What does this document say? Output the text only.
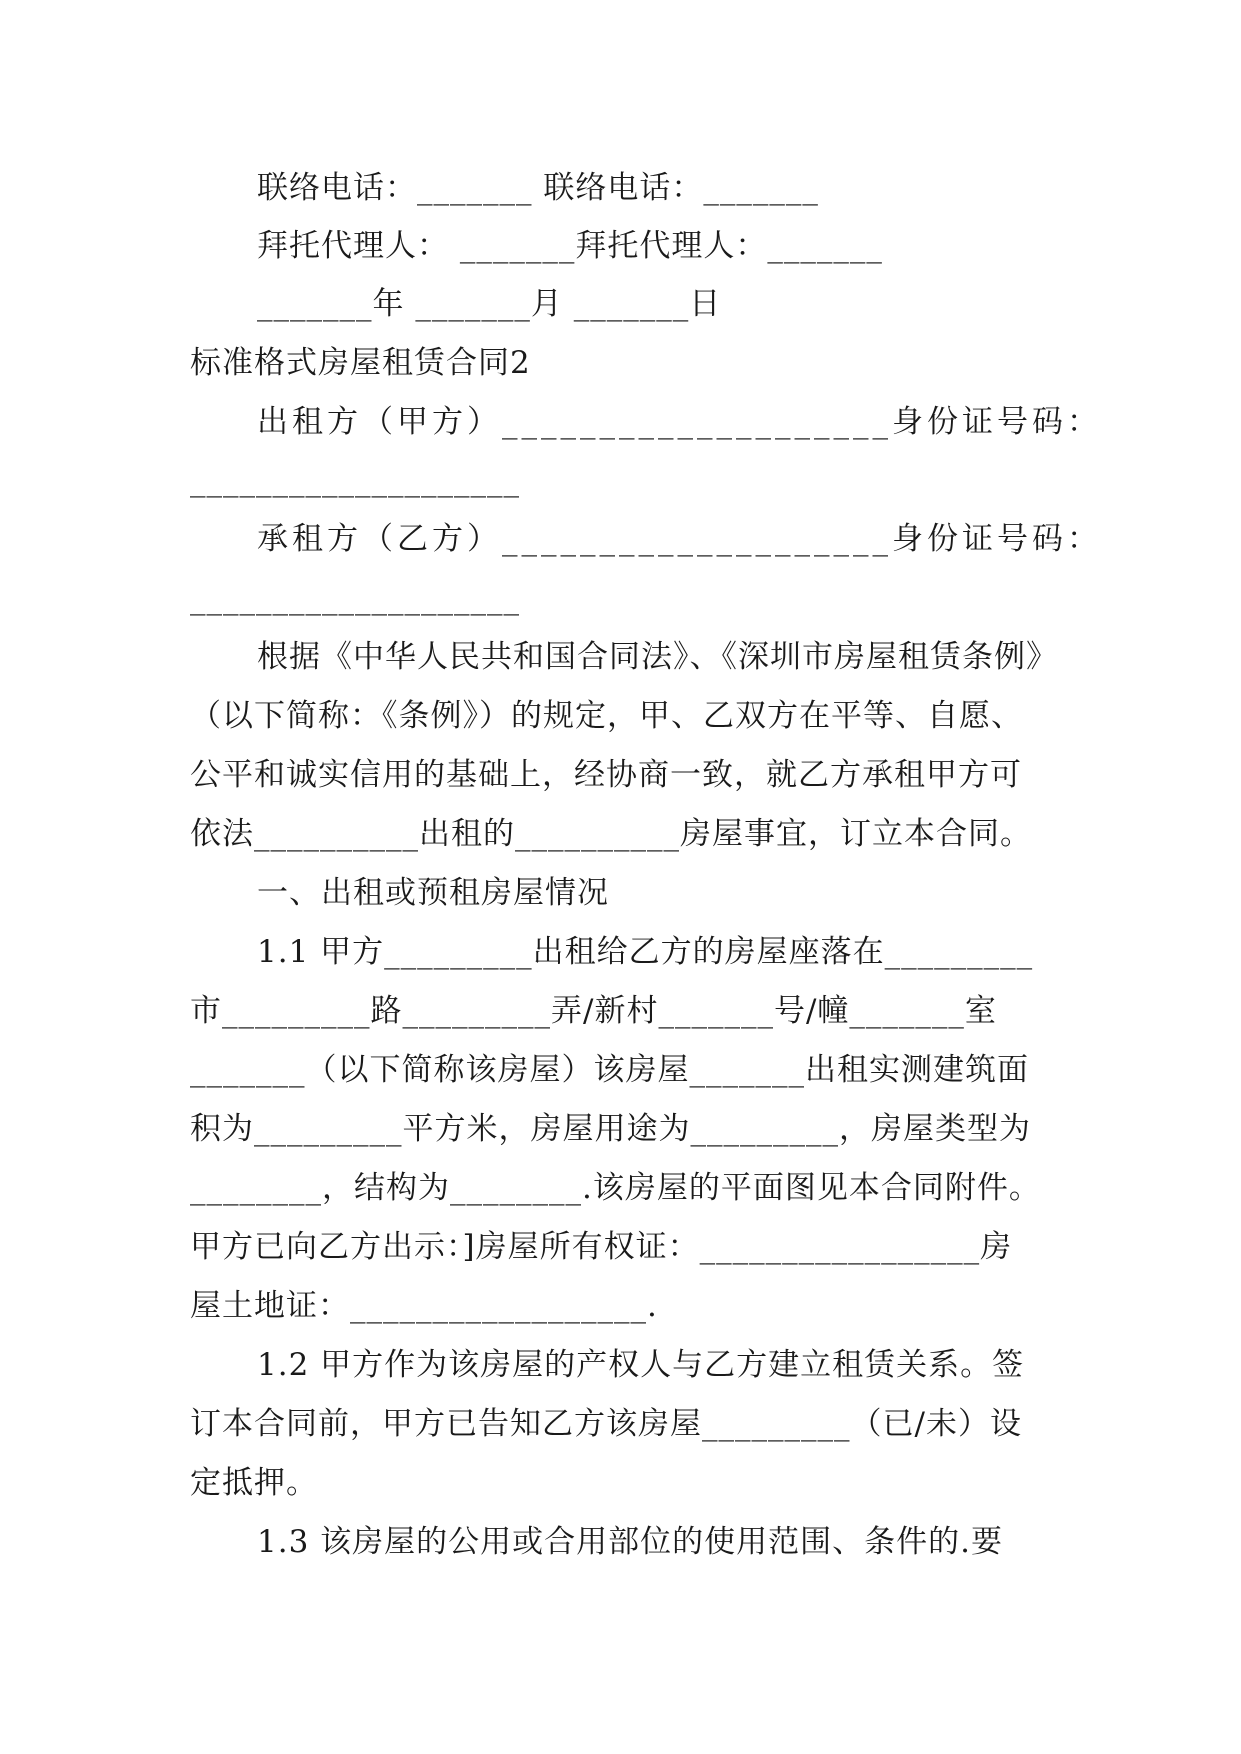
联络电话：_______ 联络电话：_______

拜托代理人： _______拜托代理人：_______

_______年 _______月 _______日

标准格式房屋租赁合同2

出租方（甲方）____________________身份证号码：

____________________

承租方（乙方）____________________身份证号码：

____________________

根据《中华人民共和国合同法》、《深圳市房屋租赁条例》

（以下简称：《条例》）的规定，甲、乙双方在平等、自愿、

公平和诚实信用的基础上，经协商一致，就乙方承租甲方可

依法__________出租的__________房屋事宜，订立本合同。

一、出租或预租房屋情况

1.1 甲方_________出租给乙方的房屋座落在_________

市_________路_________弄/新村_______号/幢_______室

_______（以下简称该房屋）该房屋_______出租实测建筑面

积为_________平方米，房屋用途为_________，房屋类型为

________，结构为________.该房屋的平面图见本合同附件。

甲方已向乙方出示：]房屋所有权证：_________________房

屋土地证：__________________.

1.2 甲方作为该房屋的产权人与乙方建立租赁关系。签

订本合同前，甲方已告知乙方该房屋_________（已/未）设

定抵押。

1.3 该房屋的公用或合用部位的使用范围、条件的.要
